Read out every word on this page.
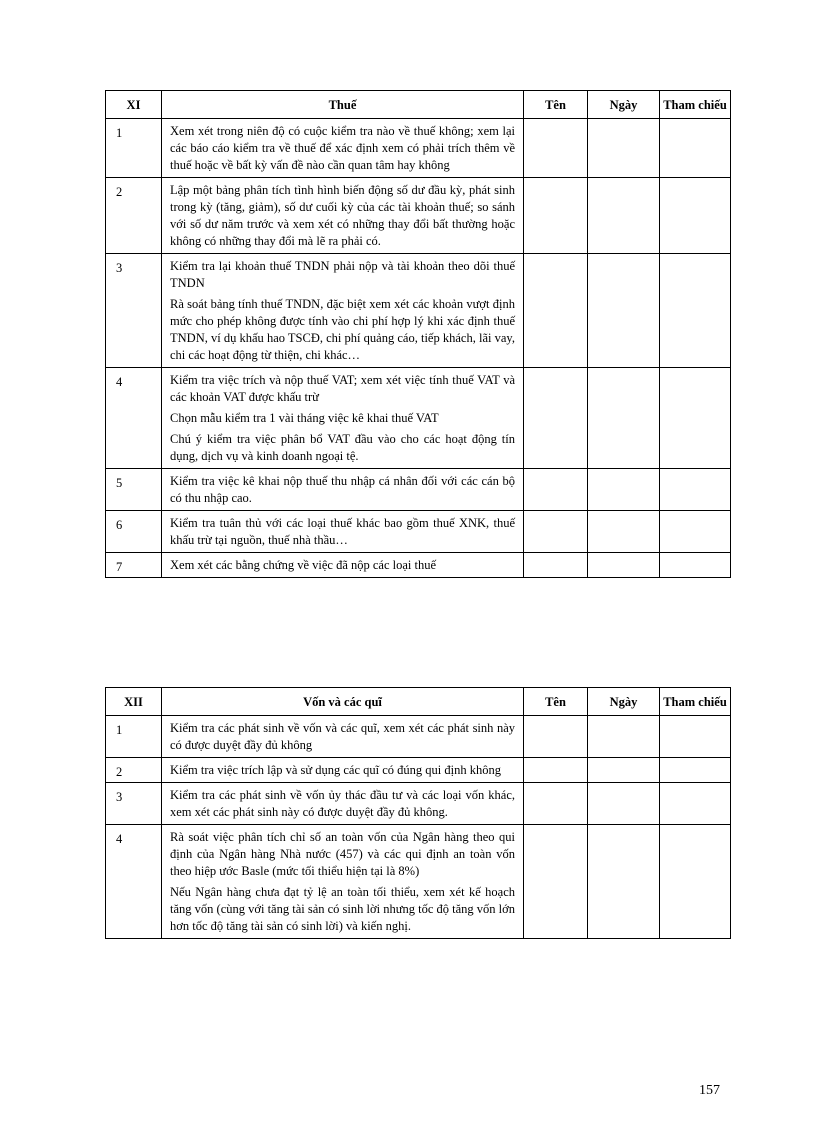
XI	Thuế	Tên	Ngày	Tham chiếu
1	Xem xét trong niên độ có cuộc kiểm tra nào về thuế không; xem lại các báo cáo kiểm tra về thuế để xác định xem có phải trích thêm về thuế hoặc về bất kỳ vấn đề nào cần quan tâm hay không			

2	Lập một bảng phân tích tình hình biến động số dư đầu kỳ, phát sinh trong kỳ (tăng, giảm), số dư cuối kỳ của các tài khoản thuế; so sánh với số dư năm trước và xem xét có những thay đổi bất thường hoặc không có những thay đổi mà lẽ ra phải có.			

3	Kiểm tra lại khoản thuế TNDN phải nộp và tài khoản theo dõi thuế TNDN

Rà soát bảng tính thuế TNDN, đặc biệt xem xét các khoản vượt định mức cho phép không được tính vào chi phí hợp lý khi xác định thuế TNDN, ví dụ khấu hao TSCĐ, chi phí quảng cáo, tiếp khách, lãi vay, chi các hoạt động từ thiện, chi khác…			

4	Kiểm tra việc trích và nộp thuế VAT; xem xét việc tính thuế VAT và các khoản VAT được khấu trừ

Chọn mẫu kiểm tra 1 vài tháng việc kê khai thuế VAT

Chú ý kiểm tra việc phân bổ VAT đầu vào cho các hoạt động tín dụng, dịch vụ và kinh doanh ngoại tệ.			

5	Kiểm tra việc kê khai nộp thuế thu nhập cá nhân đối với các cán bộ có thu nhập cao.			

6	Kiểm tra tuân thủ với các loại thuế khác bao gồm thuế XNK, thuế khấu trừ tại nguồn, thuế nhà thầu…			

7	Xem xét các bằng chứng về việc đã nộp các loại thuế			

XII	Vốn và các quĩ	Tên	Ngày	Tham chiếu
1	Kiểm tra các phát sinh về vốn và các quĩ, xem xét các phát sinh này có được duyệt đầy đủ không			

2	Kiểm tra việc trích lập và sử dụng các quĩ có đúng qui định không			

3	Kiểm tra các phát sinh về vốn ủy thác đầu tư và các loại vốn khác, xem xét các phát sinh này có được duyệt đầy đủ không.			

4	Rà soát việc phân tích chỉ số an toàn vốn của Ngân hàng theo qui định của Ngân hàng Nhà nước (457) và các qui định an toàn vốn theo hiệp ước Basle (mức tối thiểu hiện tại là 8%)

Nếu Ngân hàng chưa đạt tỷ lệ an toàn tối thiểu, xem xét kế hoạch tăng vốn (cùng với tăng tài sản có sinh lời nhưng tốc độ tăng vốn lớn hơn tốc độ tăng tài sản có sinh lời) và kiến nghị.			

157
